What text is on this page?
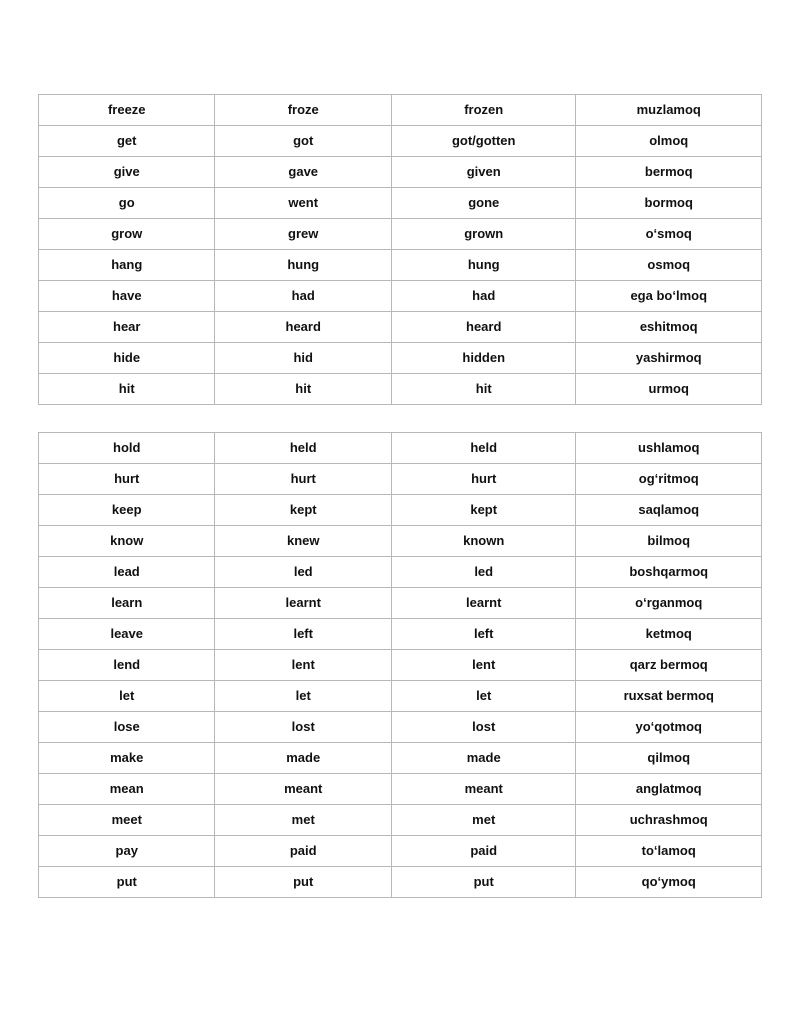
freeze	froze	frozen	muzlamoq
get	got	got/gotten	olmoq
give	gave	given	bermoq
go	went	gone	bormoq
grow	grew	grown	o‘smoq
hang	hung	hung	osmoq
have	had	had	ega bo‘lmoq
hear	heard	heard	eshitmoq
hide	hid	hidden	yashirmoq
hit	hit	hit	urmoq
hold	held	held	ushlamoq
hurt	hurt	hurt	og‘ritmoq
keep	kept	kept	saqlamoq
know	knew	known	bilmoq
lead	led	led	boshqarmoq
learn	learnt	learnt	o‘rganmoq
leave	left	left	ketmoq
lend	lent	lent	qarz bermoq
let	let	let	ruxsat bermoq
lose	lost	lost	yo‘qotmoq
make	made	made	qilmoq
mean	meant	meant	anglatmoq
meet	met	met	uchrashmoq
pay	paid	paid	to‘lamoq
put	put	put	qo‘ymoq
